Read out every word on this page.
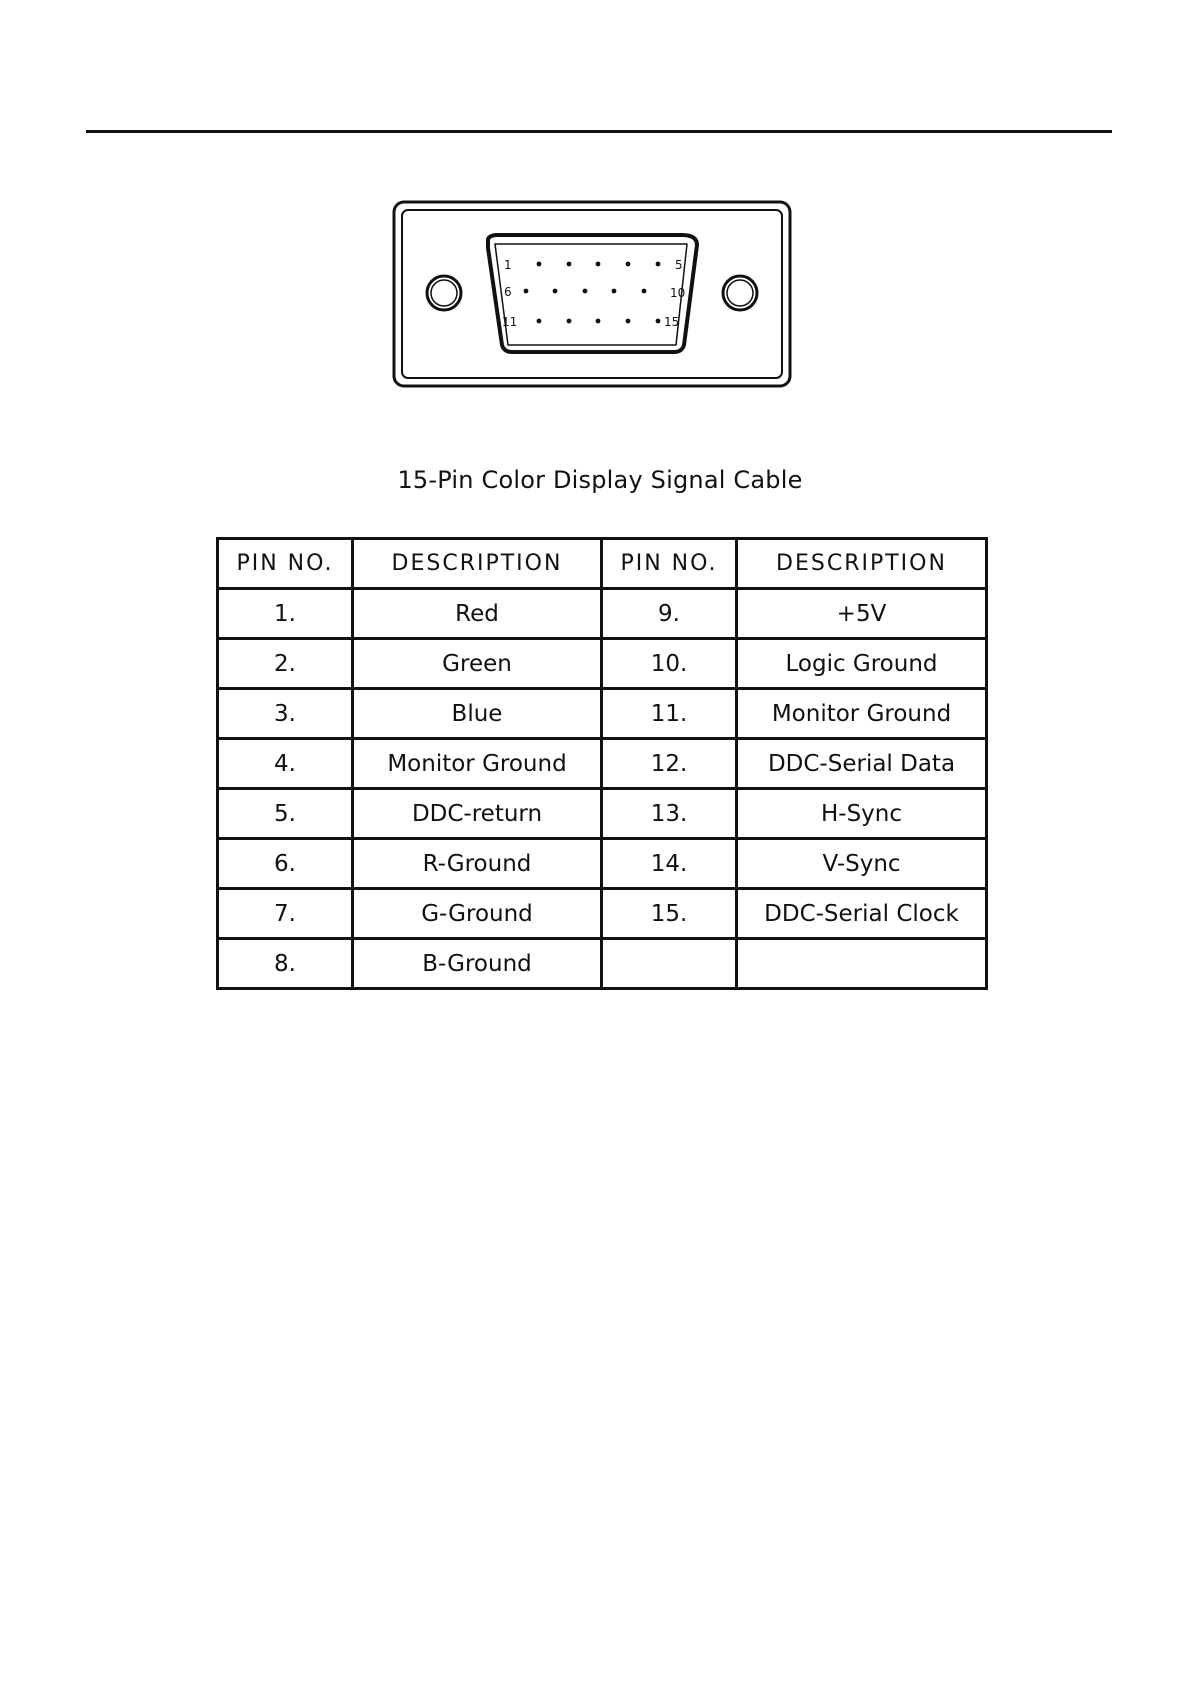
1	5
6	10
11	15
15-Pin Color Display Signal Cable
PIN NO.	DESCRIPTION	PIN NO.	DESCRIPTION
1.	Red	9.	+5V
2.	Green	10.	Logic Ground
3.	Blue	11.	Monitor Ground
4.	Monitor Ground	12.	DDC-Serial Data
5.	DDC-return	13.	H-Sync
6.	R-Ground	14.	V-Sync
7.	G-Ground	15.	DDC-Serial Clock
8.	B-Ground		
